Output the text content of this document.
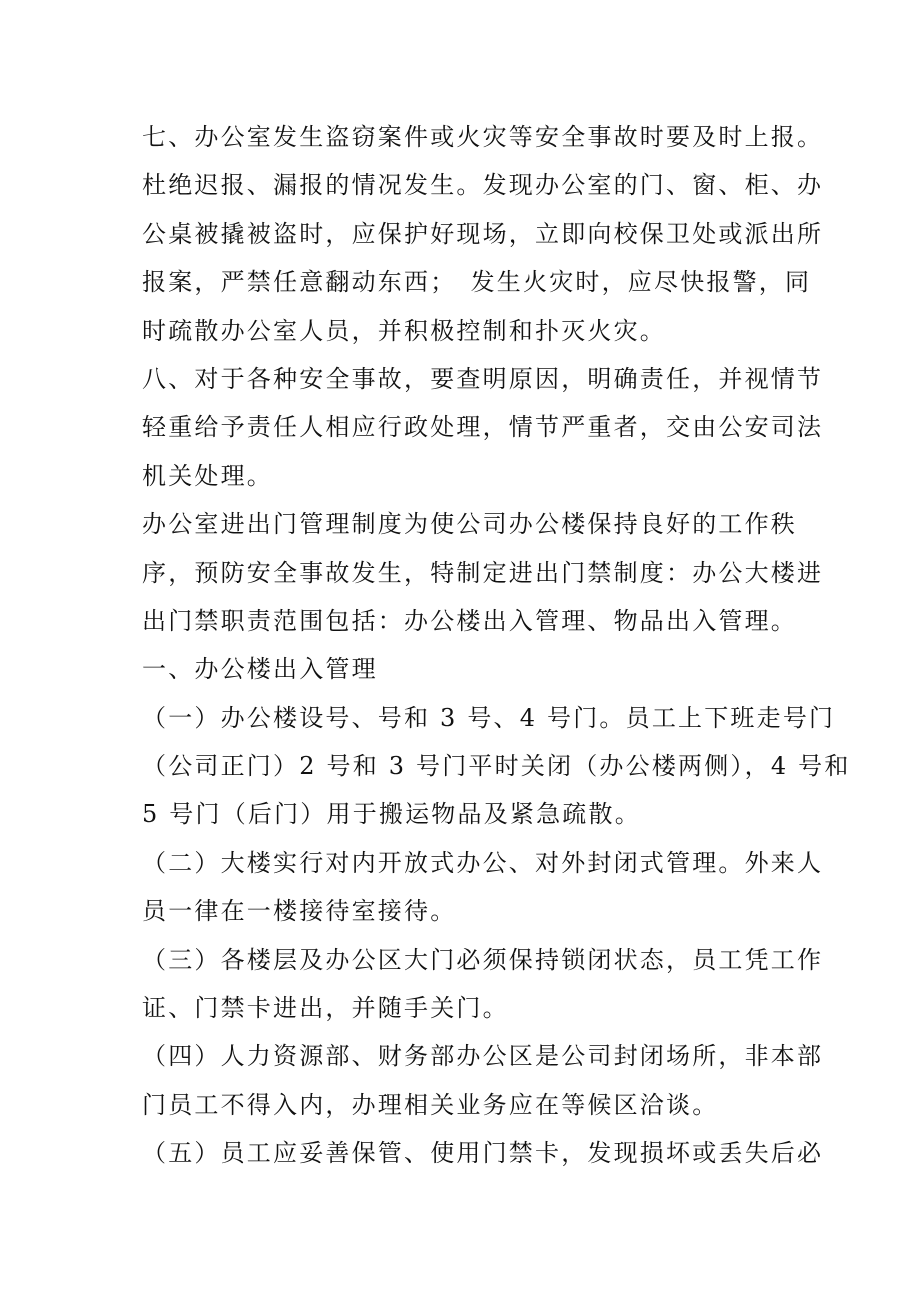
七、办公室发生盗窃案件或火灾等安全事故时要及时上报。
杜绝迟报、漏报的情况发生。发现办公室的门、窗、柜、办
公桌被撬被盗时，应保护好现场，立即向校保卫处或派出所
报案，严禁任意翻动东西；　发生火灾时，应尽快报警，同
时疏散办公室人员，并积极控制和扑灭火灾。
八、对于各种安全事故，要查明原因，明确责任，并视情节
轻重给予责任人相应行政处理，情节严重者，交由公安司法
机关处理。
办公室进出门管理制度为使公司办公楼保持良好的工作秩
序，预防安全事故发生，特制定进出门禁制度：办公大楼进
出门禁职责范围包括：办公楼出入管理、物品出入管理。
一、办公楼出入管理
（一）办公楼设号、号和 3 号、4 号门。员工上下班走号门
（公司正门）2 号和 3 号门平时关闭（办公楼两侧），4 号和
5 号门（后门）用于搬运物品及紧急疏散。
（二）大楼实行对内开放式办公、对外封闭式管理。外来人
员一律在一楼接待室接待。
（三）各楼层及办公区大门必须保持锁闭状态，员工凭工作
证、门禁卡进出，并随手关门。
（四）人力资源部、财务部办公区是公司封闭场所，非本部
门员工不得入内，办理相关业务应在等候区洽谈。
（五）员工应妥善保管、使用门禁卡，发现损坏或丢失后必
